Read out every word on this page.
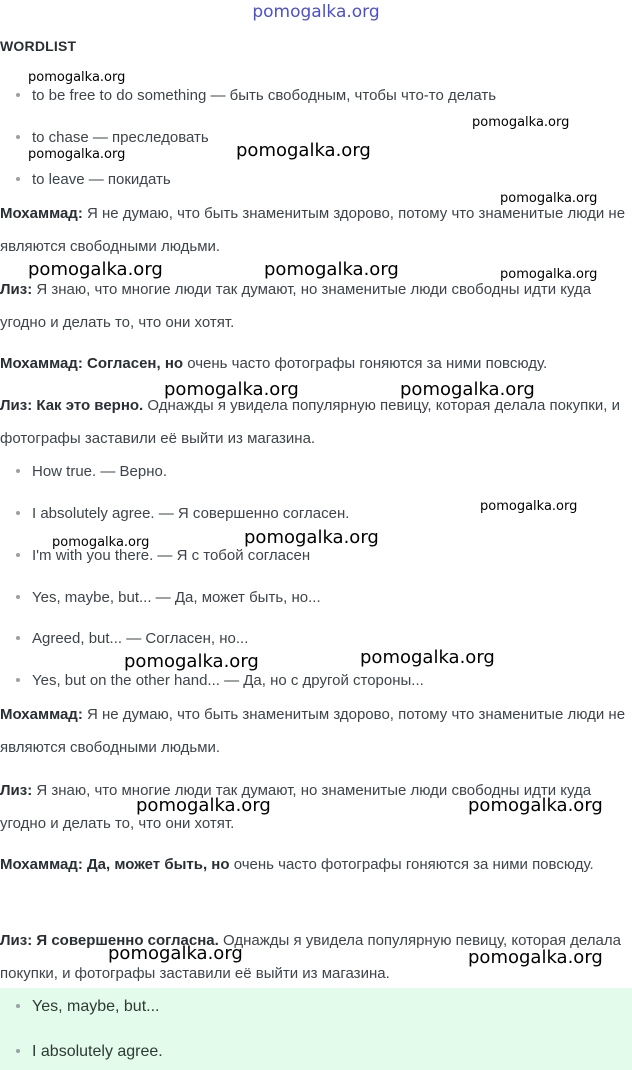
pomogalka.org
WORDLIST
to be free to do something — быть свободным, чтобы что-то делать
to chase — преследовать
to leave — покидать
Мохаммад: Я не думаю, что быть знаменитым здорово, потому что знаменитые люди не являются свободными людьми.
Лиз: Я знаю, что многие люди так думают, но знаменитые люди свободны идти куда угодно и делать то, что они хотят.
Мохаммад: Согласен, но очень часто фотографы гоняются за ними повсюду.
Лиз: Как это верно. Однажды я увидела популярную певицу, которая делала покупки, и фотографы заставили её выйти из магазина.
How true. — Верно.
I absolutely agree. — Я совершенно согласен.
I'm with you there. — Я с тобой согласен
Yes, maybe, but... — Да, может быть, но...
Agreed, but... — Согласен, но...
Yes, but on the other hand... — Да, но с другой стороны...
Мохаммад: Я не думаю, что быть знаменитым здорово, потому что знаменитые люди не являются свободными людьми.
Лиз: Я знаю, что многие люди так думают, но знаменитые люди свободны идти куда угодно и делать то, что они хотят.
Мохаммад: Да, может быть, но очень часто фотографы гоняются за ними повсюду.
Лиз: Я совершенно согласна. Однажды я увидела популярную певицу, которая делала покупки, и фотографы заставили её выйти из магазина.
Yes, maybe, but...
I absolutely agree.
pomogalka.org
pomogalka.org
pomogalka.org	pomogalka.org
pomogalka.org
pomogalka.org	pomogalka.org	pomogalka.org
pomogalka.org	pomogalka.org
pomogalka.org
pomogalka.org	pomogalka.org
pomogalka.org
pomogalka.org
pomogalka.org	pomogalka.org
pomogalka.org	pomogalka.org
